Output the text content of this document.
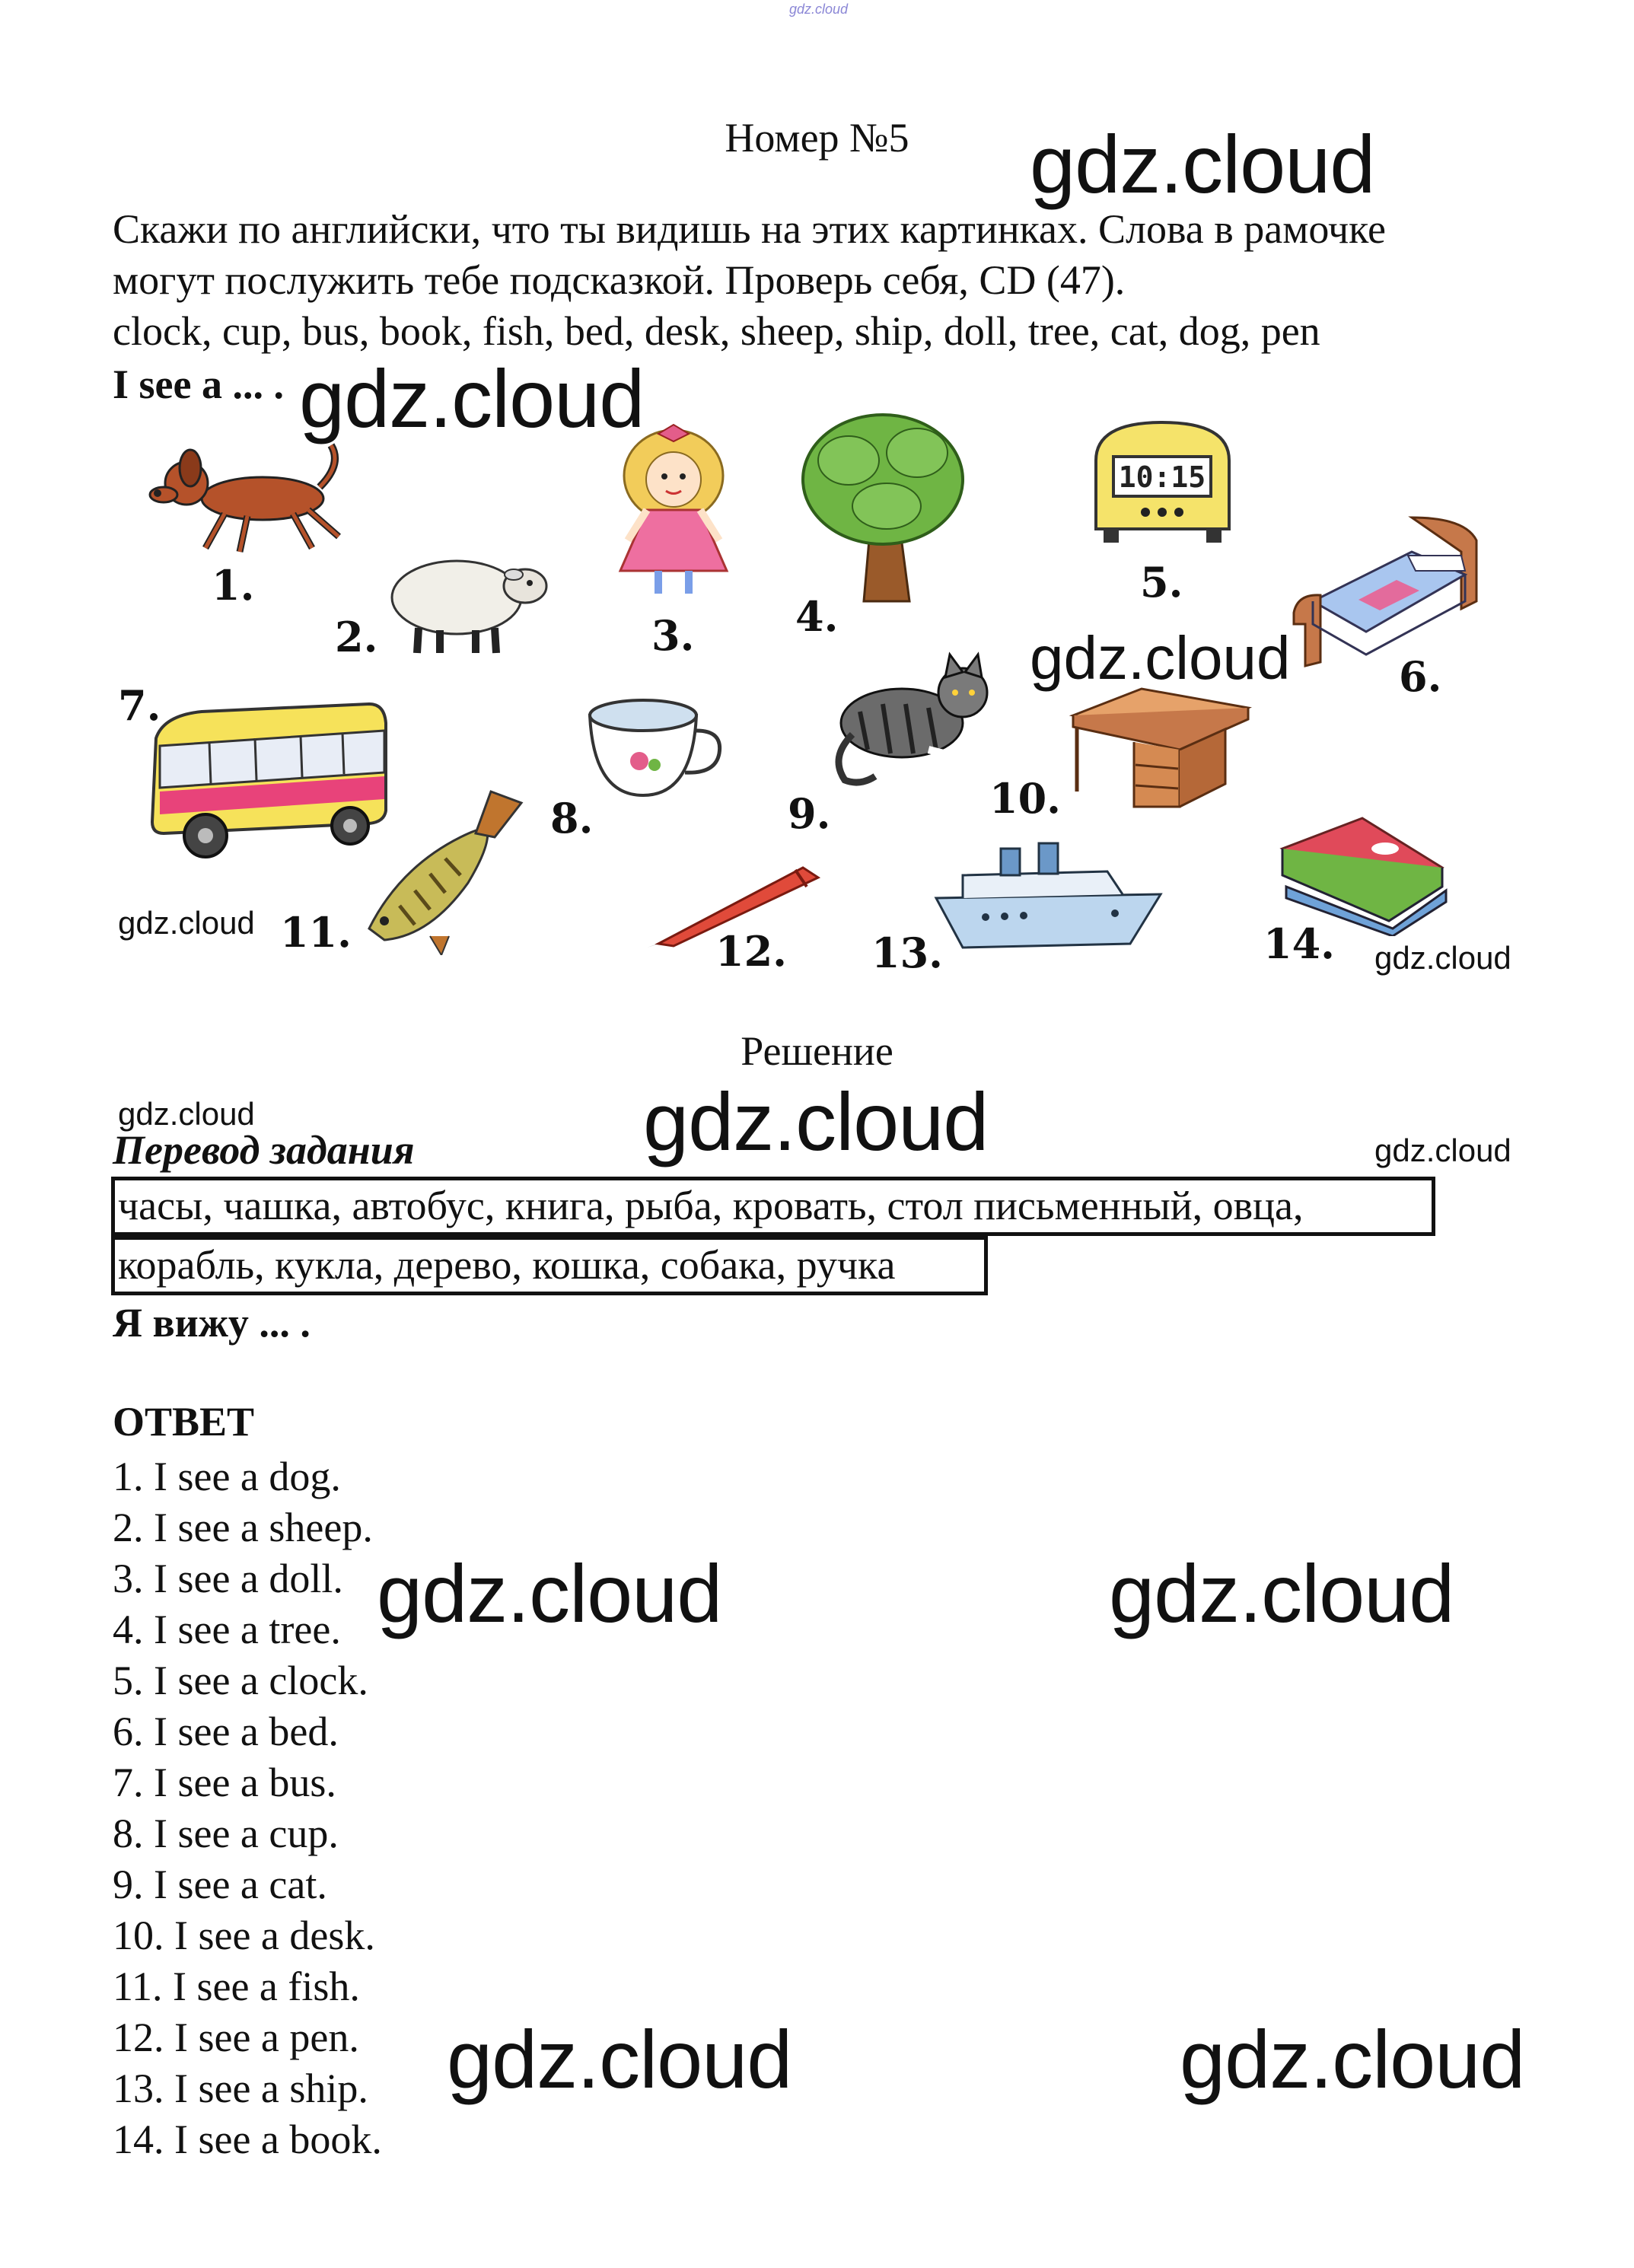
gdz.cloud
Номер №5
Скажи по английски, что ты видишь на этих картинках. Слова в рамочке
могут послужить тебе подсказкой. Проверь себя, CD (47).
clock, cup, bus, book, fish, bed, desk, sheep, ship, doll, tree, cat, dog, pen
I see a ... .
1.
2.	3. 4.
10:15
5.
6.
7.
8.	9.	10.
gdz.cloud 11.	12. 13.	14.
gdz.cloud
gdz.cloud
gdz.cloud
gdz.cloud
Решение
gdz.cloud	gdz.cloud	gdz.cloud
Перевод задания
часы, чашка, автобус, книга, рыба, кровать, стол письменный, овца,
корабль, кукла, дерево, кошка, собака, ручка
Я вижу ... .
ОТВЕТ
1. I see a dog.
2. I see a sheep.
3. I see a doll.
4. I see a tree.
5. I see a clock.
6. I see a bed.
7. I see a bus.
8. I see a cup.
9. I see a cat.
10. I see a desk.
11. I see a fish.
12. I see a pen.
13. I see a ship.
14. I see a book.
gdz.cloud	gdz.cloud
gdz.cloud	gdz.cloud
